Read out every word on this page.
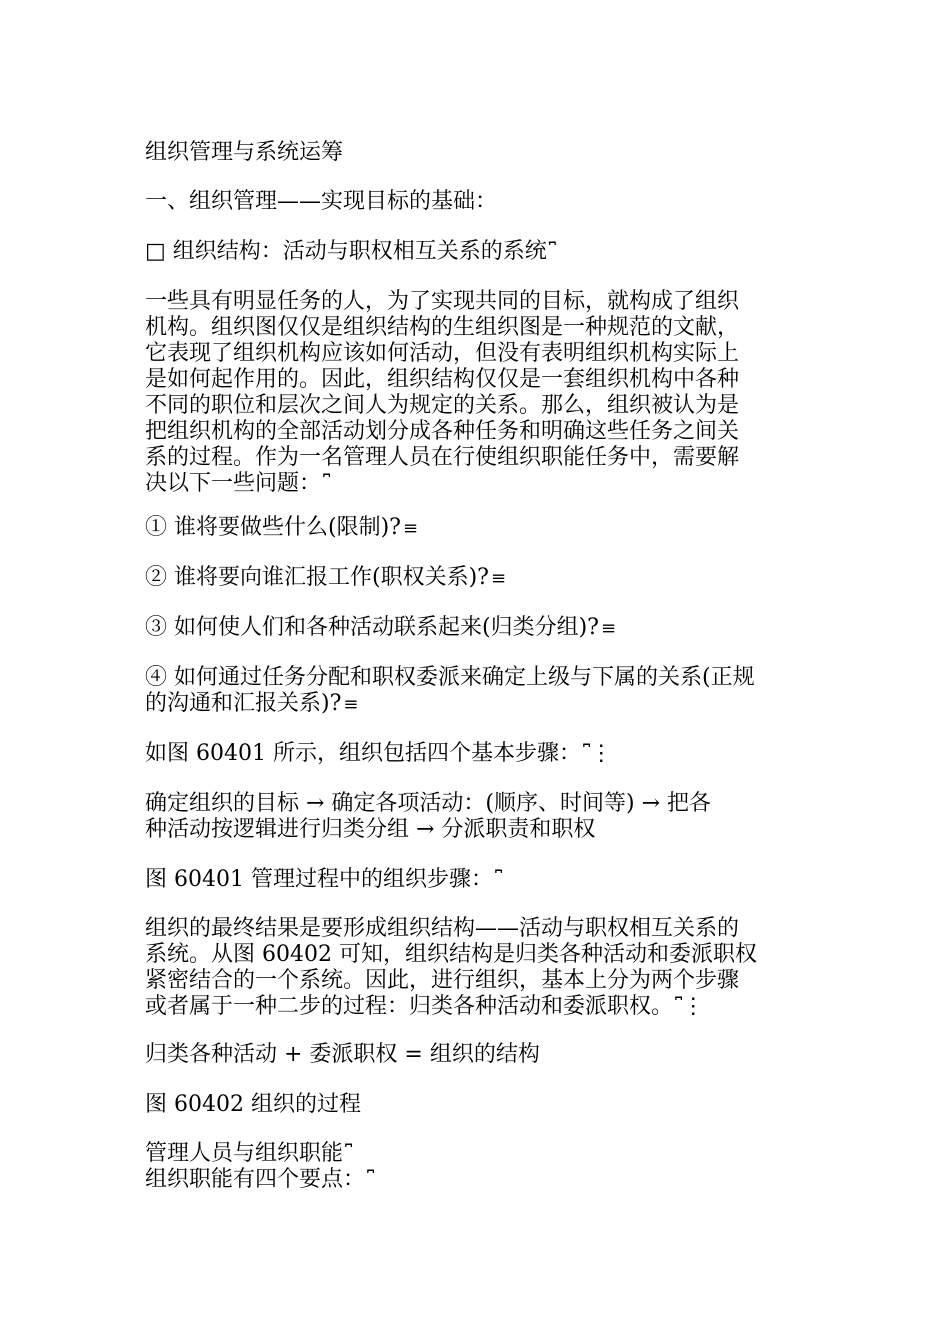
组织管理与系统运筹

一、组织管理——实现目标的基础：

□ 组织结构：活动与职权相互关系的系统 ⎴

一些具有明显任务的人，为了实现共同的目标，就构成了组织

机构。组织图仅仅是组织结构的生组织图是一种规范的文献，

它表现了组织机构应该如何活动，但没有表明组织机构实际上

是如何起作用的。因此，组织结构仅仅是一套组织机构中各种

不同的职位和层次之间人为规定的关系。那么，组织被认为是

把组织机构的全部活动划分成各种任务和明确这些任务之间关

系的过程。作为一名管理人员在行使组织职能任务中，需要解

决以下一些问题： ⎴

① 谁将要做些什么(限制)? ≡

② 谁将要向谁汇报工作(职权关系)? ≡

③ 如何使人们和各种活动联系起来(归类分组)? ≡

④ 如何通过任务分配和职权委派来确定上级与下属的关系(正规

的沟通和汇报关系)? ≡

如图 60401 所示，组织包括四个基本步骤： ⎴⋮

确定组织的目标 → 确定各项活动：(顺序、时间等) → 把各

种活动按逻辑进行归类分组 → 分派职责和职权

图 60401 管理过程中的组织步骤： ⎴

组织的最终结果是要形成组织结构——活动与职权相互关系的

系统。从图 60402 可知，组织结构是归类各种活动和委派职权

紧密结合的一个系统。因此，进行组织，基本上分为两个步骤

或者属于一种二步的过程：归类各种活动和委派职权。 ⎴⋮

归类各种活动 + 委派职权 = 组织的结构

图 60402 组织的过程

管理人员与组织职能 ⎴

组织职能有四个要点： ⎴
